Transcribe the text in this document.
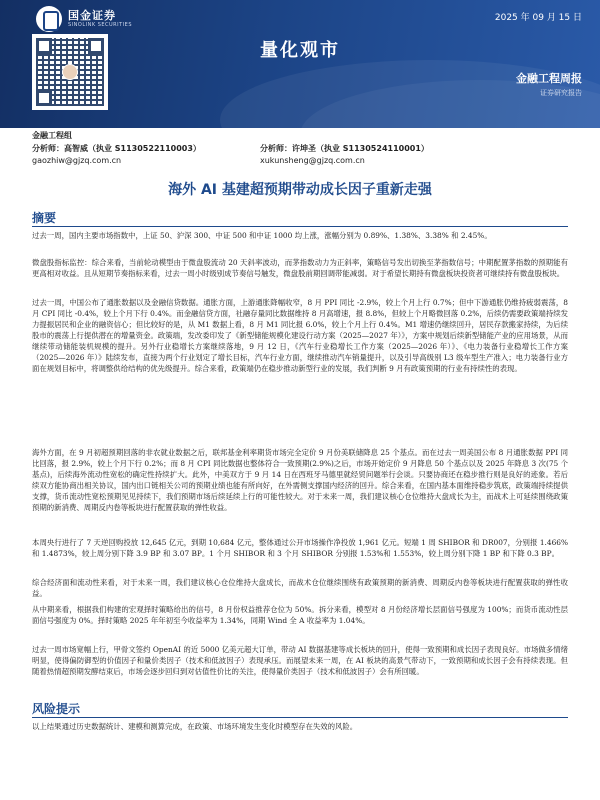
国金证券
SINOLINK SECURITIES
2025 年 09 月 15 日
量化观市
金融工程周报
证券研究报告
金融工程组
分析师：高智威（执业 S1130522110003）
gaozhiw@gjzq.com.cn
分析师：许坤圣（执业 S1130524110001）
xukunsheng@gjzq.com.cn
海外 AI 基建超预期带动成长因子重新走强
摘要

过去一周，国内主要市场指数中，上证 50、沪深 300、中证 500 和中证 1000 均上涨，涨幅分别为 0.89%、1.38%、3.38% 和 2.45%。

微盘股指标监控：综合来看，当前轮动模型由于微盘股流动 20 天斜率波动，而茅指数动力为正斜率，策略信号发出切换至茅指数信号；中期配置茅指数的预期能有更高相对收益。且从短期节奏指标来看，过去一周小时级别成节奏信号触发，微盘股前期回调带能减弱。对于希望长期持有微盘板块投资者可继续持有微盘股板块。

过去一周，中国公布了通胀数据以及金融信贷数据。通胀方面，上游通胀降幅收窄，8 月 PPI 同比 -2.9%，较上个月上行 0.7%；但中下游通胀仍维持疲弱震荡，8 月 CPI 同比 -0.4%，较上个月下行 0.4%。而金融信贷方面，社融存量同比数据维持 8 月高增速，报 8.8%，但较上个月略微回落 0.2%，后续仍需要政策端持续发力提振居民和企业的融资信心；但比较好的是，从 M1 数据上看，8 月 M1 同比报 6.0%，较上个月上行 0.4%。M1 增速仍继续回升，居民存款搬家持续，为后续股市的震荡上行提供潜在的增量资金。政策端，发改委印发了《新型储能规模化建设行动方案（2025—2027 年）》，方案中规划后续新型储能产业的应用场景，从而继续带动储能装机规模的提升。另外行业稳增长方案继续落地，9 月 12 日，《汽车行业稳增长工作方案（2025—2026 年）》、《电力装备行业稳增长工作方案（2025—2026 年）》陆续发布，直接为两个行业划定了增长目标，汽车行业方面，继续推动汽车销量提升，以及引导高级别 L3 级车型生产准入；电力装备行业方面在规划目标中，将调整供给结构的优先级提升。综合来看，政策端仍在稳步推动新型行业的发展，我们判断 9 月有政策预期的行业有持续性的表现。

海外方面，在 9 月初超预期回落的非农就业数据之后，联邦基金利率期货市场完全定价 9 月份美联储降息 25 个基点。而在过去一周美国公布 8 月通胀数据 PPI 同比回落，报 2.9%，较上个月下行 0.2%；而 8 月 CPI 同比数据也整体符合一致预期(2.9%)之后，市场开始定价 9 月降息 50 个基点以及 2025 年降息 3 次(75 个基点)，后续海外流动性宽松的确定性持续扩大。此外，中美双方于 9 月 14 日在西班牙马德里就经贸问题举行会谈。只要协商还在稳步推行则是良好的迹象。若后续双方能协商出相关协议，国内出口链相关公司的预期业绩也能有所向好，在外需侧支撑国内经济的回升。综合来看，在国内基本面维持稳步筑底，政策端持续提供支撑，货币流动性宽松预期见见持续下，我们预期市场后续延续上行的可能性较大。对于未来一周，我们建议核心仓位维持大盘成长为主，而战术上可延续围绕政策预期的新消费、周期反内卷等板块进行配置获取的弹性收益。

本周央行进行了 7 天逆回购投放 12,645 亿元，到期 10,684 亿元，整体通过公开市场操作净投放 1,961 亿元。短端 1 周 SHIBOR 和 DR007，分别报 1.466%和 1.4873%，较上周分别下降 3.9 BP 和 3.07 BP。1 个月 SHIBOR 和 3 个月 SHIBOR 分别报 1.53%和 1.553%，较上周分别下降 1 BP 和下降 0.3 BP。

综合经济面和流动性来看，对于未来一周，我们建议核心仓位维持大盘成长，而战术仓位继续围绕有政策预期的新消费、周期反内卷等板块进行配置获取的弹性收益。

从中期来看，根据我们构建的宏观择时策略给出的信号，8 月份权益推荐仓位为 50%。拆分来看，模型对 8 月份经济增长层面信号强度为 100%；而货币流动性层面信号强度为 0%。择时策略 2025 年年初至今收益率为 1.34%，同期 Wind 全 A 收益率为 1.04%。

过去一周市场宽幅上行，甲骨文签约 OpenAI 的近 5000 亿美元超大订单，带动 AI 数据基建等成长板块的回升，使得一致预期和成长因子表现良好。市场做多情绪明显，使得偏防御型的价值因子和量价类因子（技术和低波因子）表现承压。而展望未来一周，在 AI 板块的高景气带动下，一致预期和成长因子会有持续表现。但随着热情超预期发酵结束后，市场会逐步回归到对估值性价比的关注，使得量价类因子（技术和低波因子）会有所回暖。

风险提示

以上结果通过历史数据统计、建模和测算完成，在政策、市场环境发生变化时模型存在失效的风险。
